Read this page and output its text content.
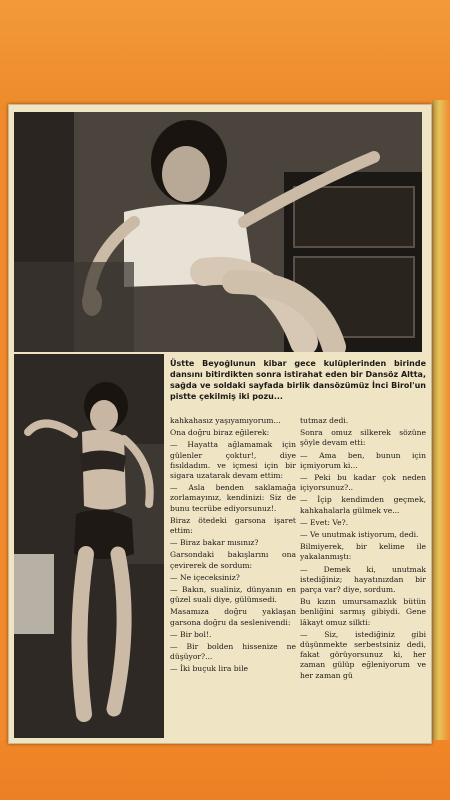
Üstte Beyoğlunun kibar gece kulüplerinden birinde dansını bitirdikten sonra istirahat eden bir Dansöz Altta, sağda ve soldaki sayfada birlik dansözümüz İnci Birol'un pistte çekilmiş iki pozu...

kahkahasız yaşıyamıyorum...

Ona doğru biraz eğilerek:

— Hayatta ağlamamak için gülenler çoktur!, diye fısıldadım. ve içmesi için bir sigara uzatarak devam ettim:

— Asla benden saklamağa zorlamayınız, kendinizi: Siz de bunu tecrübe ediyorsunuz!.

Biraz ötedeki garsona işaret ettim:

— Biraz bakar mısınız?

Garsondaki bakışlarını ona çevirerek de sordum:

— Ne içeceksiniz?

— Bakın, sualiniz, dünyanın en güzel suali diye, gülümsedi.

Masamıza doğru yaklaşan garsona doğru da seslenivendi:

— Bir bol!.

— Bir bolden hissenize ne düşüyor?...

— İki buçuk lira bile

tutmaz dedi.

Sonra omuz silkerek sözüne şöyle devam etti:

— Ama ben, bunun için içmiyorum ki...

— Peki bu kadar çok neden içiyorsunuz?..

— İçip kendimden geçmek, kahkahalarla gülmek ve...

— Evet: Ve?.

— Ve unutmak istiyorum, dedi.

Bilmiyerek, bir kelime ile yakalanmıştı:

— Demek ki, unutmak istediğiniz; hayatınızdan bir parça var? diye, sordum.

Bu kızın umursamazlık bütün benliğini sarmış gibiydi. Gene lâkayt omuz silkti:

— Siz, istediğiniz gibi düşünmekte serbestsiniz dedi, fakat görüyorsunuz ki, her zaman gülüp eğleniyorum ve her zaman gü
